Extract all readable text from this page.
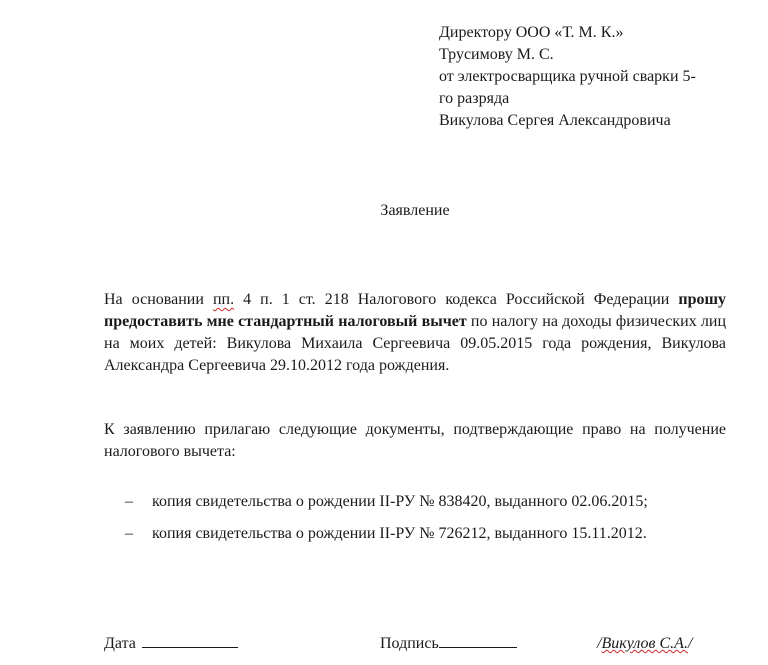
Директору ООО «Т. М. К.»
Трусимову М. С.
от электросварщика ручной сварки 5-
го разряда
Викулова Сергея Александровича
Заявление
На основании пп. 4 п. 1 ст. 218 Налогового кодекса Российской Федерации прошу предоставить мне стандартный налоговый вычет по налогу на доходы физических лиц на моих детей: Викулова Михаила Сергеевича 09.05.2015 года рождения, Викулова Александра Сергеевича 29.10.2012 года рождения.
К заявлению прилагаю следующие документы, подтверждающие право на получение налогового вычета:
–	копия свидетельства о рождении II-РУ № 838420, выданного 02.06.2015;
–	копия свидетельства о рождении II-РУ № 726212, выданного 15.11.2012.
Дата	Подпись	/Викулов С.А./
